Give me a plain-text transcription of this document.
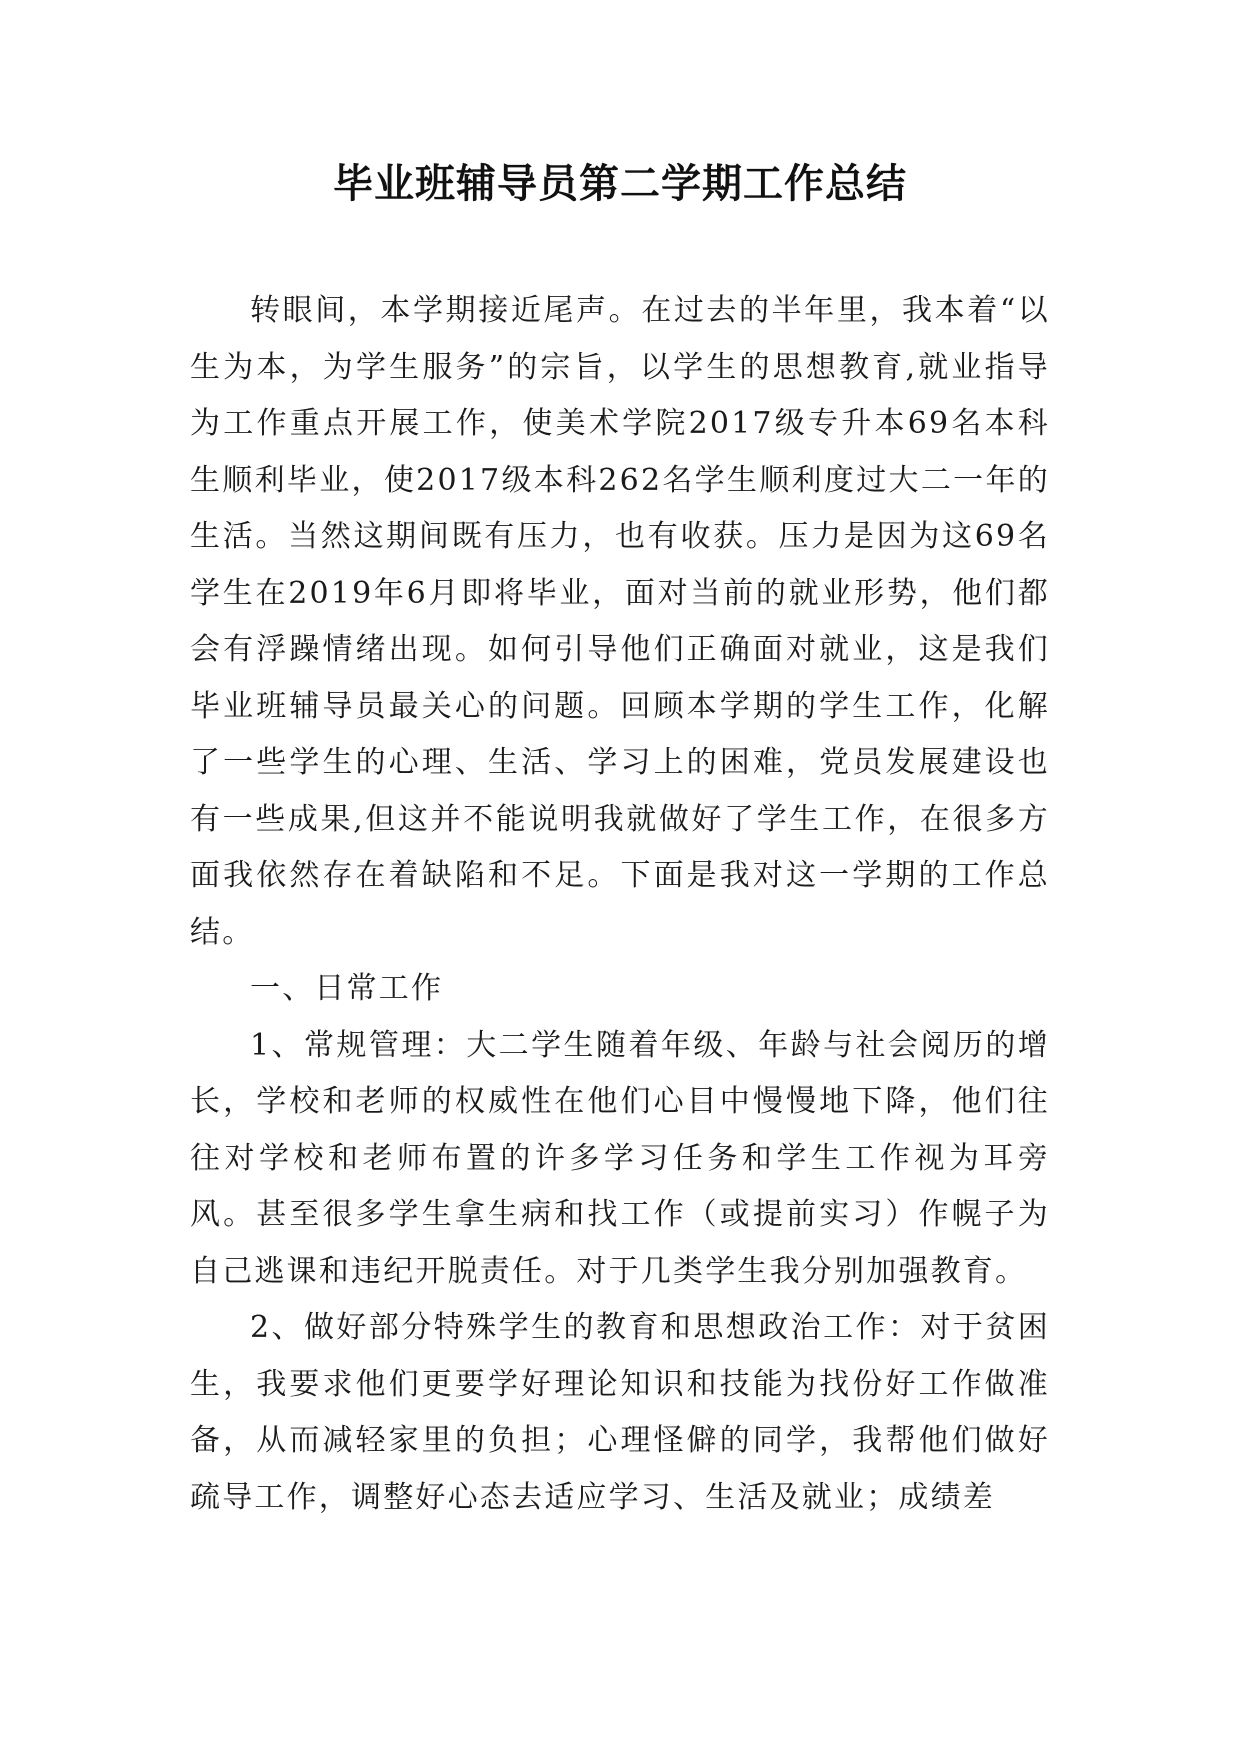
毕业班辅导员第二学期工作总结

转眼间，本学期接近尾声。在过去的半年里，我本着“以生为本，为学生服务”的宗旨，以学生的思想教育,就业指导为工作重点开展工作，使美术学院2017级专升本69名本科生顺利毕业，使2017级本科262名学生顺利度过大二一年的生活。当然这期间既有压力，也有收获。压力是因为这69名学生在2019年6月即将毕业，面对当前的就业形势，他们都会有浮躁情绪出现。如何引导他们正确面对就业，这是我们毕业班辅导员最关心的问题。回顾本学期的学生工作，化解了一些学生的心理、生活、学习上的困难，党员发展建设也有一些成果,但这并不能说明我就做好了学生工作，在很多方面我依然存在着缺陷和不足。下面是我对这一学期的工作总结。

一、日常工作

1、常规管理：大二学生随着年级、年龄与社会阅历的增长，学校和老师的权威性在他们心目中慢慢地下降，他们往往对学校和老师布置的许多学习任务和学生工作视为耳旁风。甚至很多学生拿生病和找工作（或提前实习）作幌子为自己逃课和违纪开脱责任。对于几类学生我分别加强教育。

2、做好部分特殊学生的教育和思想政治工作：对于贫困生，我要求他们更要学好理论知识和技能为找份好工作做准备，从而减轻家里的负担；心理怪僻的同学，我帮他们做好疏导工作，调整好心态去适应学习、生活及就业；成绩差
